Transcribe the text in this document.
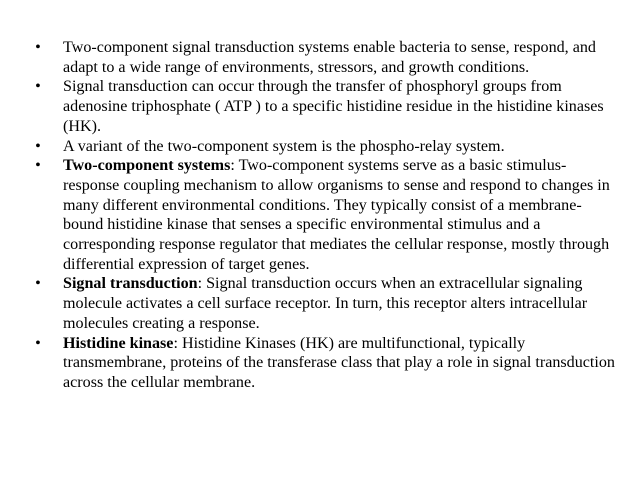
•	Two-component signal transduction systems enable bacteria to sense, respond, and adapt to a wide range of environments, stressors, and growth conditions.
•	Signal transduction can occur through the transfer of phosphoryl groups from adenosine triphosphate ( ATP ) to a specific histidine residue in the histidine kinases (HK).
•	A variant of the two-component system is the phospho-relay system.
•	Two-component systems: Two-component systems serve as a basic stimulus-response coupling mechanism to allow organisms to sense and respond to changes in many different environmental conditions. They typically consist of a membrane-bound histidine kinase that senses a specific environmental stimulus and a corresponding response regulator that mediates the cellular response, mostly through differential expression of target genes.
•	Signal transduction: Signal transduction occurs when an extracellular signaling molecule activates a cell surface receptor. In turn, this receptor alters intracellular molecules creating a response.
•	Histidine kinase: Histidine Kinases (HK) are multifunctional, typically transmembrane, proteins of the transferase class that play a role in signal transduction across the cellular membrane.
